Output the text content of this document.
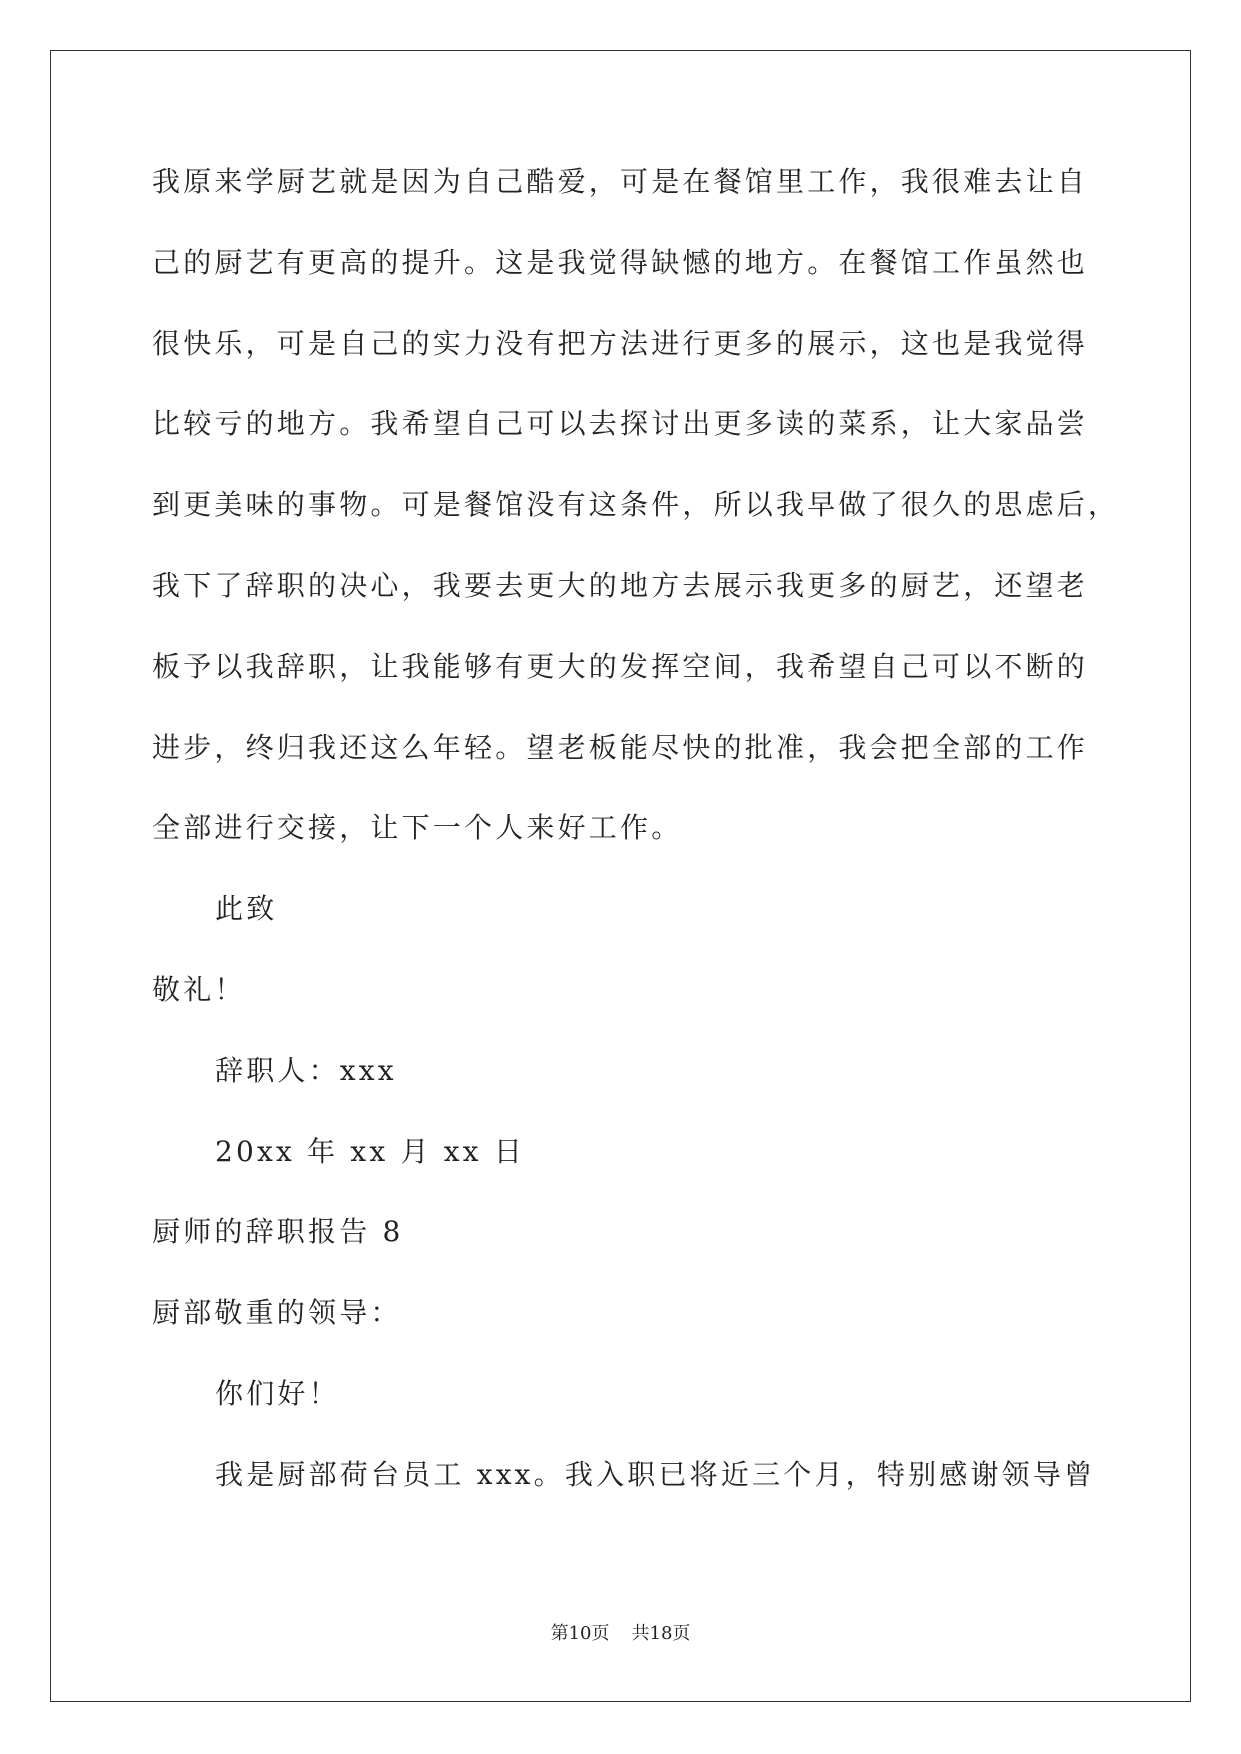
我原来学厨艺就是因为自己酷爱，可是在餐馆里工作，我很难去让自
己的厨艺有更高的提升。这是我觉得缺憾的地方。在餐馆工作虽然也
很快乐，可是自己的实力没有把方法进行更多的展示，这也是我觉得
比较亏的地方。我希望自己可以去探讨出更多读的菜系，让大家品尝
到更美味的事物。可是餐馆没有这条件，所以我早做了很久的思虑后，
我下了辞职的决心，我要去更大的地方去展示我更多的厨艺，还望老
板予以我辞职，让我能够有更大的发挥空间，我希望自己可以不断的
进步，终归我还这么年轻。望老板能尽快的批准，我会把全部的工作
全部进行交接，让下一个人来好工作。
此致
敬礼！
辞职人：xxx
20xx 年 xx 月 xx 日
厨师的辞职报告 8
厨部敬重的领导：
你们好！
我是厨部荷台员工 xxx。我入职已将近三个月，特别感谢领导曾
第10页 共18页
